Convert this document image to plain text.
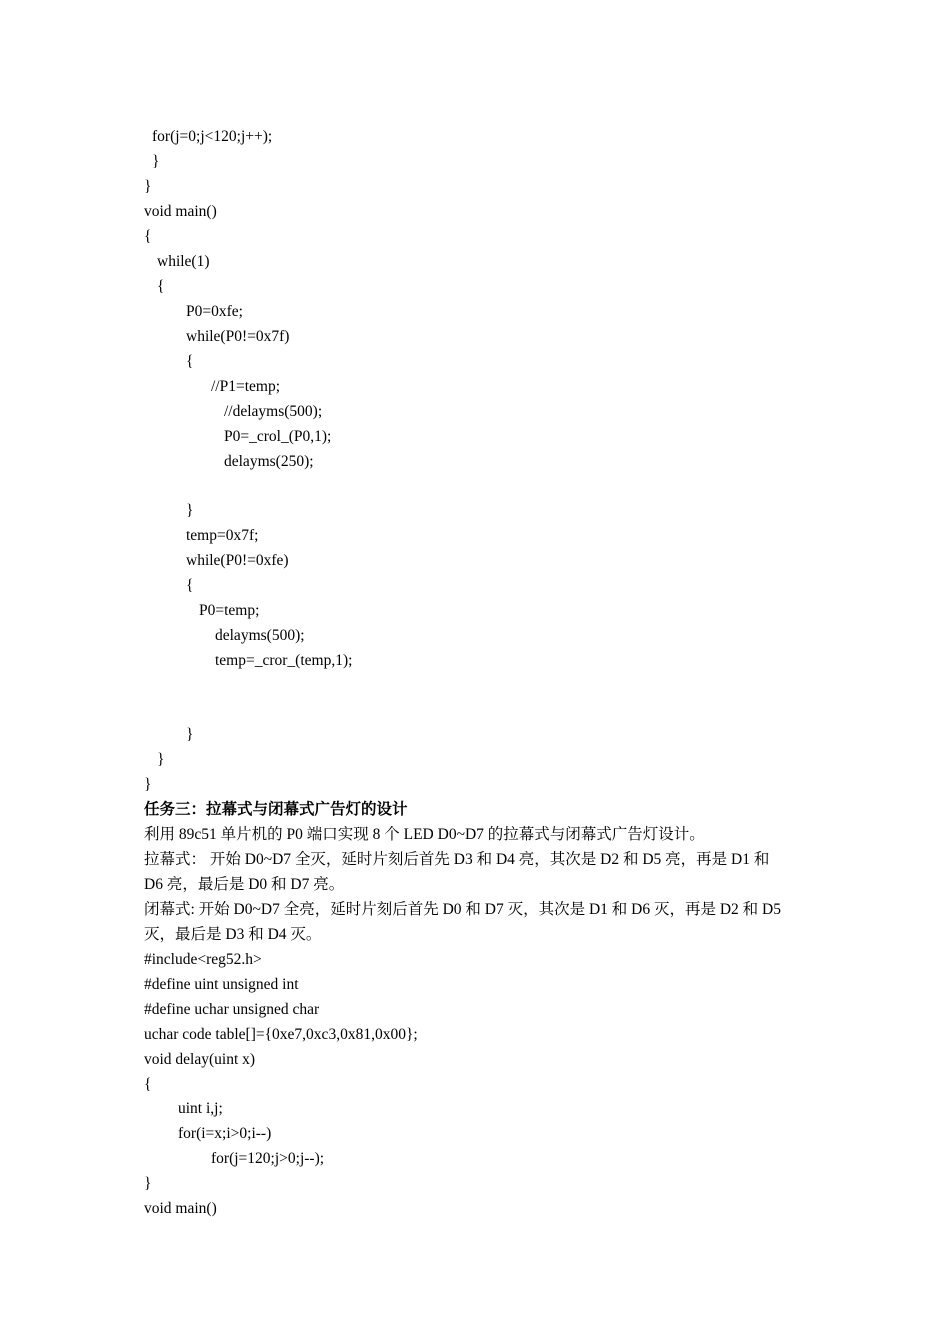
for(j=0;j<120;j++);
}
}
void main()
{
while(1)
{
P0=0xfe;
while(P0!=0x7f)
{
//P1=temp;
//delayms(500);
P0=_crol_(P0,1);
delayms(250);
}
temp=0x7f;
while(P0!=0xfe)
{
P0=temp;
delayms(500);
temp=_cror_(temp,1);
}
}
}
任务三：拉幕式与闭幕式广告灯的设计
利用 89c51 单片机的 P0 端口实现 8 个 LED D0~D7 的拉幕式与闭幕式广告灯设计。
拉幕式： 开始 D0~D7 全灭，延时片刻后首先 D3 和 D4 亮，其次是 D2 和 D5 亮，再是 D1 和
D6 亮，最后是 D0 和 D7 亮。
闭幕式: 开始 D0~D7 全亮，延时片刻后首先 D0 和 D7 灭，其次是 D1 和 D6 灭，再是 D2 和 D5
灭，最后是 D3 和 D4 灭。
#include<reg52.h>
#define uint unsigned int
#define uchar unsigned char
uchar code table[]={0xe7,0xc3,0x81,0x00};
void delay(uint x)
{
uint i,j;
for(i=x;i>0;i--)
for(j=120;j>0;j--);
}
void main()
